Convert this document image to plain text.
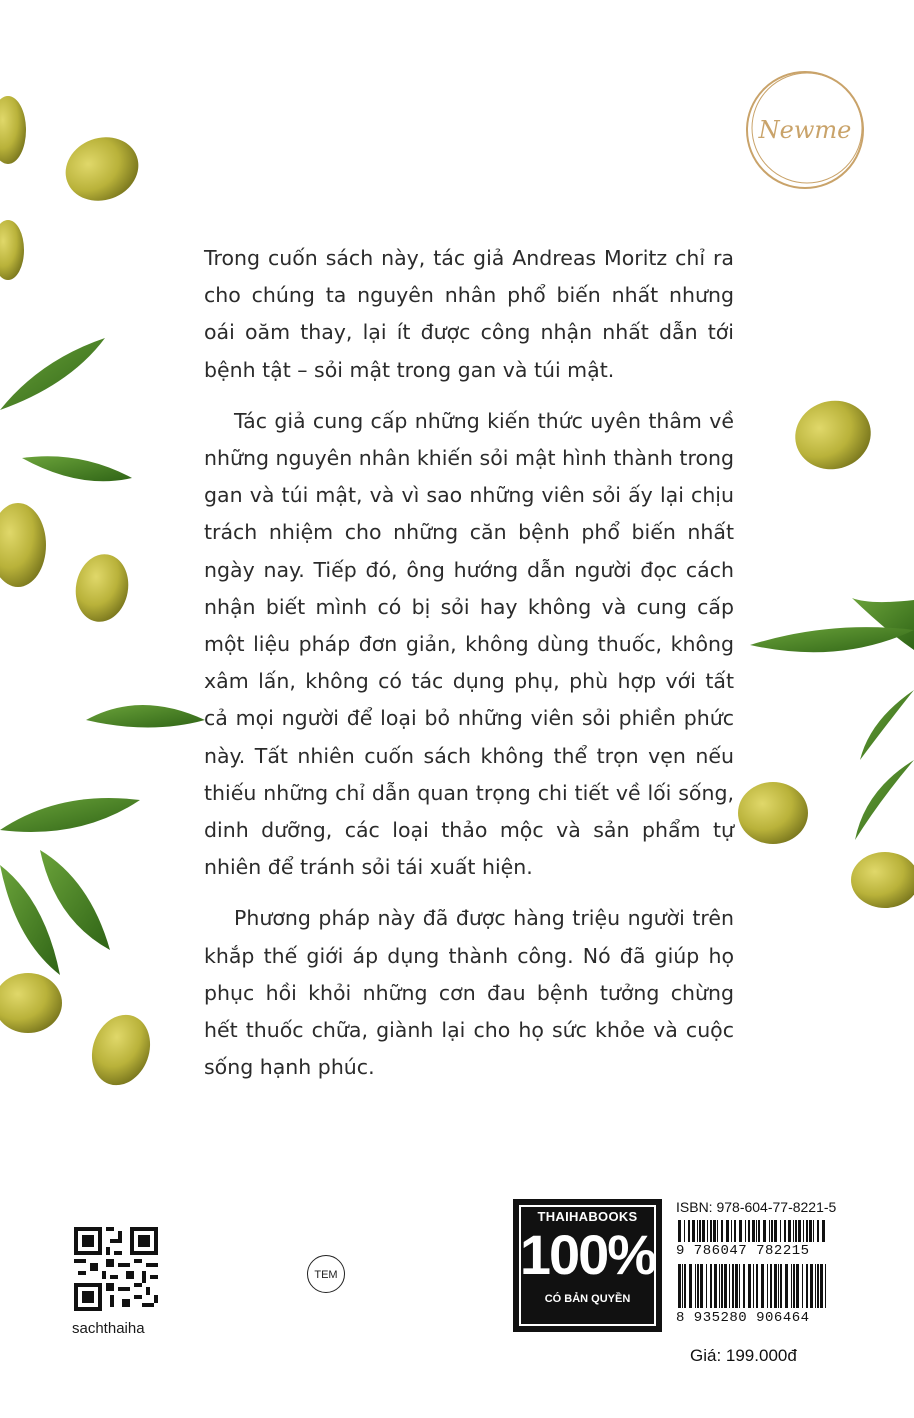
Newme

Trong cuốn sách này, tác giả Andreas Moritz chỉ ra cho chúng ta nguyên nhân phổ biến nhất nhưng oái oăm thay, lại ít được công nhận nhất dẫn tới bệnh tật – sỏi mật trong gan và túi mật.

Tác giả cung cấp những kiến thức uyên thâm về những nguyên nhân khiến sỏi mật hình thành trong gan và túi mật, và vì sao những viên sỏi ấy lại chịu trách nhiệm cho những căn bệnh phổ biến nhất ngày nay. Tiếp đó, ông hướng dẫn người đọc cách nhận biết mình có bị sỏi hay không và cung cấp một liệu pháp đơn giản, không dùng thuốc, không xâm lấn, không có tác dụng phụ, phù hợp với tất cả mọi người để loại bỏ những viên sỏi phiền phức này. Tất nhiên cuốn sách không thể trọn vẹn nếu thiếu những chỉ dẫn quan trọng chi tiết về lối sống, dinh dưỡng, các loại thảo mộc và sản phẩm tự nhiên để tránh sỏi tái xuất hiện.

Phương pháp này đã được hàng triệu người trên khắp thế giới áp dụng thành công. Nó đã giúp họ phục hồi khỏi những cơn đau bệnh tưởng chừng hết thuốc chữa, giành lại cho họ sức khỏe và cuộc sống hạnh phúc.

sachthaiha
TEM
THAIHABOOKS
100%
CÓ BẢN QUYỀN
ISBN: 978-604-77-8221-5
9 786047 782215
8 935280 906464
Giá: 199.000đ
